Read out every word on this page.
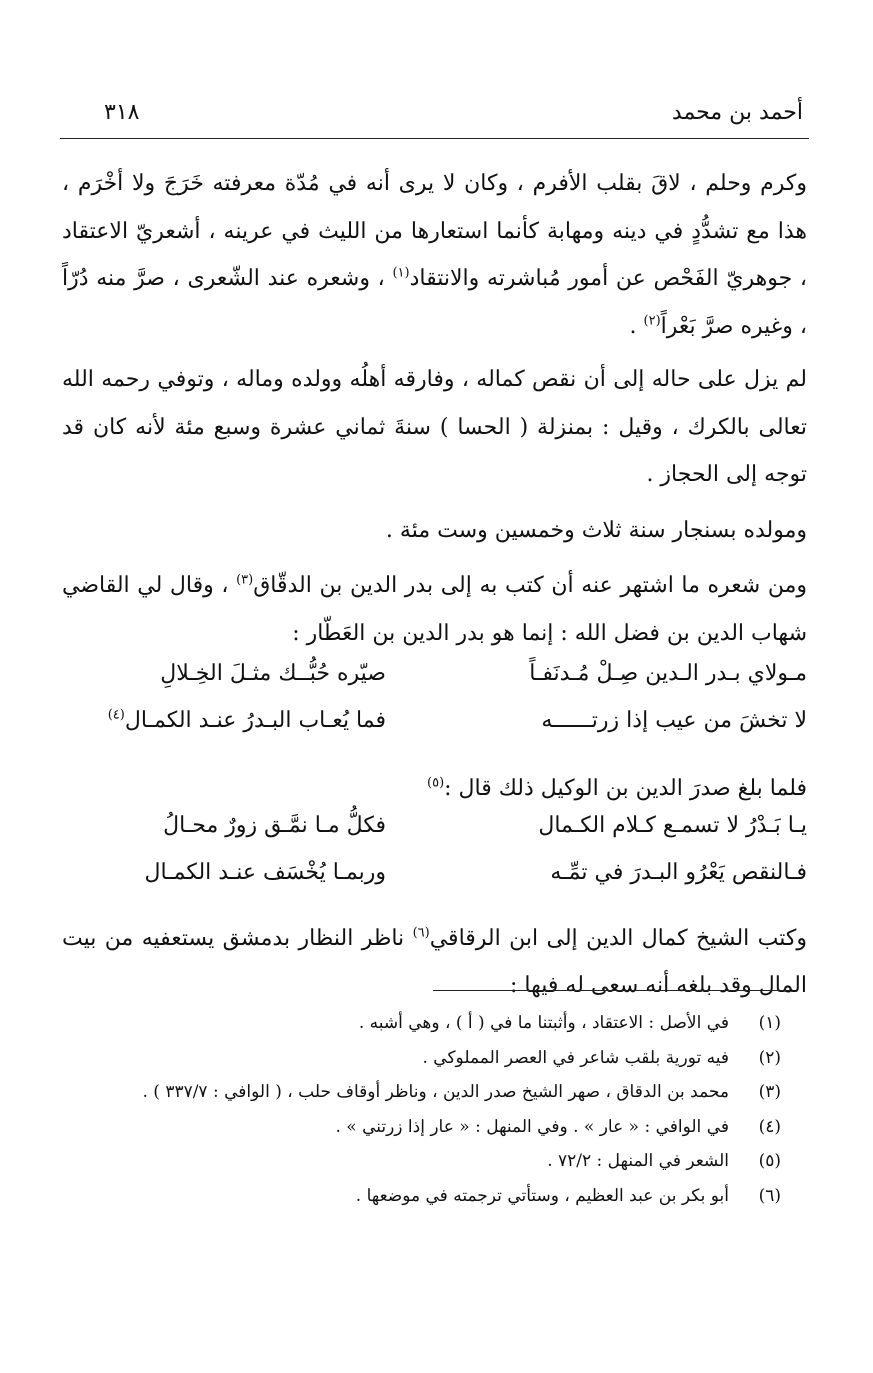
أحمد بن محمد
٣١٨

وكرم وحلم ، لاقَ بقلب الأفرم ، وكان لا يرى أنه في مُدّة معرفته خَرَجَ ولا أخْرَم ، هذا مع تشدُّدٍ في دينه ومهابة كأنما استعارها من الليث في عرينه ، أشعريّ الاعتقاد ، جوهريّ الفَحْص عن أمور مُباشرته والانتقاد$^{(١)}$ ، وشعره عند الشّعرى ، صرَّ منه دُرّاً ، وغيره صرَّ بَعْراً$^{(٢)}$ .

لم يزل على حاله إلى أن نقص كماله ، وفارقه أهلُه وولده وماله ، وتوفي رحمه الله تعالى بالكرك ، وقيل : بمنزلة ( الحسا ) سنةَ ثماني عشرة وسبع مئة لأنه كان قد توجه إلى الحجاز .

ومولده بسنجار سنة ثلاث وخمسين وست مئة .

ومن شعره ما اشتهر عنه أن كتب به إلى بدر الدين بن الدقّاق$^{(٣)}$ ، وقال لي القاضي شهاب الدين بن فضل الله : إنما هو بدر الدين بن العَطّار :

مـولاي بـدر الـدين صِـلْ مُـدنَفـاً
صيّره حُبُّــك مثـلَ الخِـلالِ
لا تخشَ من عيب إذا زرتــــــه
فما يُعـاب البـدرُ عنـد الكمـال$^{(٤)}$

فلما بلغ صدرَ الدين بن الوكيل ذلك قال :$^{(٥)}$

يـا بَـدْرُ لا تسمـع كـلام الكـمال
فكلُّ مـا نمَّـق زورٌ محـالُ
فـالنقص يَعْرُو البـدرَ في تمِّـه
وربمـا يُخْسَف عنـد الكمـال

وكتب الشيخ كمال الدين إلى ابن الرقاقي$^{(٦)}$ ناظر النظار بدمشق يستعفيه من بيت المال وقد بلغه أنه سعى له فيها :

(١)
في الأصل : الاعتقاد ، وأثبتنا ما في ( أ ) ، وهي أشبه .
(٢)
فيه تورية بلقب شاعر في العصر المملوكي .
(٣)
محمد بن الدقاق ، صهر الشيخ صدر الدين ، وناظر أوقاف حلب ، ( الوافي : ٣٣٧/٧ ) .
(٤)
في الوافي : « عار » . وفي المنهل : « عار إذا زرتني » .
(٥)
الشعر في المنهل : ٧٢/٢ .
(٦)
أبو بكر بن عبد العظيم ، وستأتي ترجمته في موضعها .
